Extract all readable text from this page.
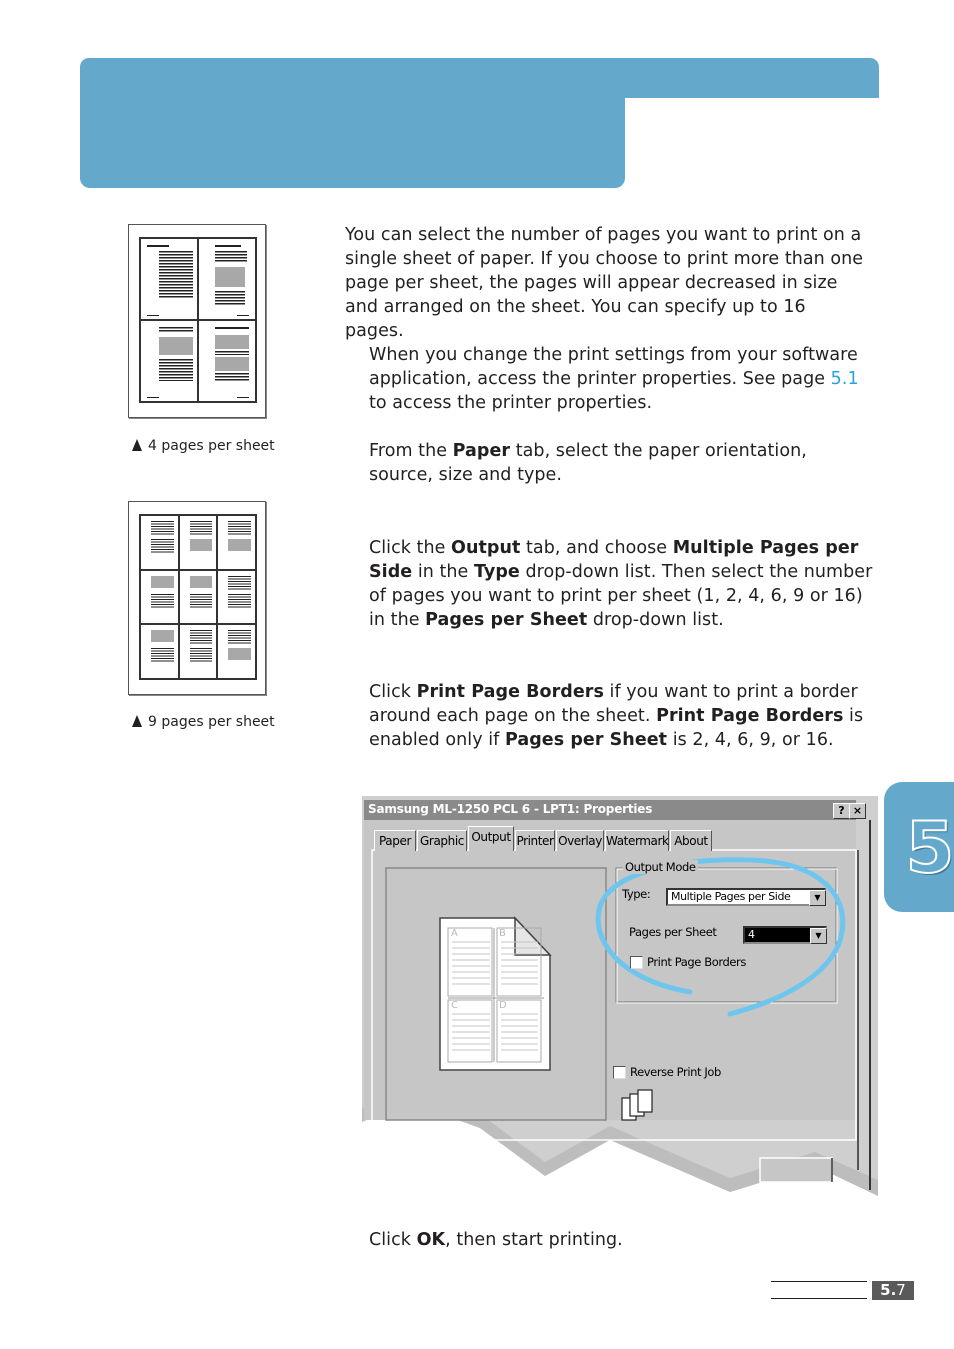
5
4 pages per sheet
9 pages per sheet
You can select the number of pages you want to print on a single sheet of paper. If you choose to print more than one page per sheet, the pages will appear decreased in size and arranged on the sheet. You can specify up to 16 pages.
When you change the print settings from your software application, access the printer properties. See page 5.1 to access the printer properties.
From the Paper tab, select the paper orientation, source, size and type.
Click the Output tab, and choose Multiple Pages per Side in the Type drop-down list. Then select the number of pages you want to print per sheet (1, 2, 4, 6, 9 or 16) in the Pages per Sheet drop-down list.
Click Print Page Borders if you want to print a border around each page on the sheet. Print Page Borders is enabled only if Pages per Sheet is 2, 4, 6, 9, or 16.
Click OK, then start printing.
Samsung ML-1250 PCL 6 - LPT1: Properties	? ×
Paper Graphic Output Printer Overlay Watermark About
Output Mode
Type:	Multiple Pages per Side	▼
Pages per Sheet	4	▼
Print Page Borders
Reverse Print Job
A	B
C	D
5.7
